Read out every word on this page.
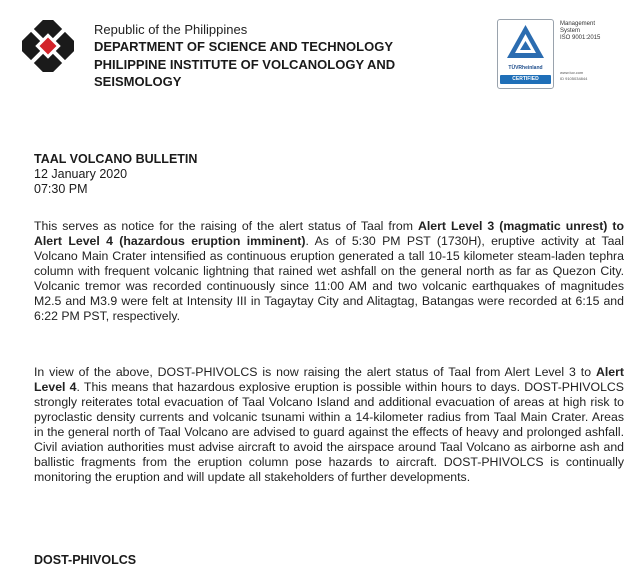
Republic of the Philippines
DEPARTMENT OF SCIENCE AND TECHNOLOGY
PHILIPPINE INSTITUTE OF VOLCANOLOGY AND SEISMOLOGY
TÜVRheinland
CERTIFIED
Management
System
ISO 9001:2015
www.tuv.com
ID 9105034844
TAAL VOLCANO BULLETIN
12 January 2020
07:30 PM

This serves as notice for the raising of the alert status of Taal from Alert Level 3 (magmatic unrest) to Alert Level 4 (hazardous eruption imminent). As of 5:30 PM PST (1730H), eruptive activity at Taal Volcano Main Crater intensified as continuous eruption generated a tall 10-15 kilometer steam-laden tephra column with frequent volcanic lightning that rained wet ashfall on the general north as far as Quezon City. Volcanic tremor was recorded continuously since 11:00 AM and two volcanic earthquakes of magnitudes M2.5 and M3.9 were felt at Intensity III in Tagaytay City and Alitagtag, Batangas were recorded at 6:15 and 6:22 PM PST, respectively.

In view of the above, DOST-PHIVOLCS is now raising the alert status of Taal from Alert Level 3 to Alert Level 4. This means that hazardous explosive eruption is possible within hours to days. DOST-PHIVOLCS strongly reiterates total evacuation of Taal Volcano Island and additional evacuation of areas at high risk to pyroclastic density currents and volcanic tsunami within a 14-kilometer radius from Taal Main Crater. Areas in the general north of Taal Volcano are advised to guard against the effects of heavy and prolonged ashfall. Civil aviation authorities must advise aircraft to avoid the airspace around Taal Volcano as airborne ash and ballistic fragments from the eruption column pose hazards to aircraft. DOST-PHIVOLCS is continually monitoring the eruption and will update all stakeholders of further developments.

DOST-PHIVOLCS
